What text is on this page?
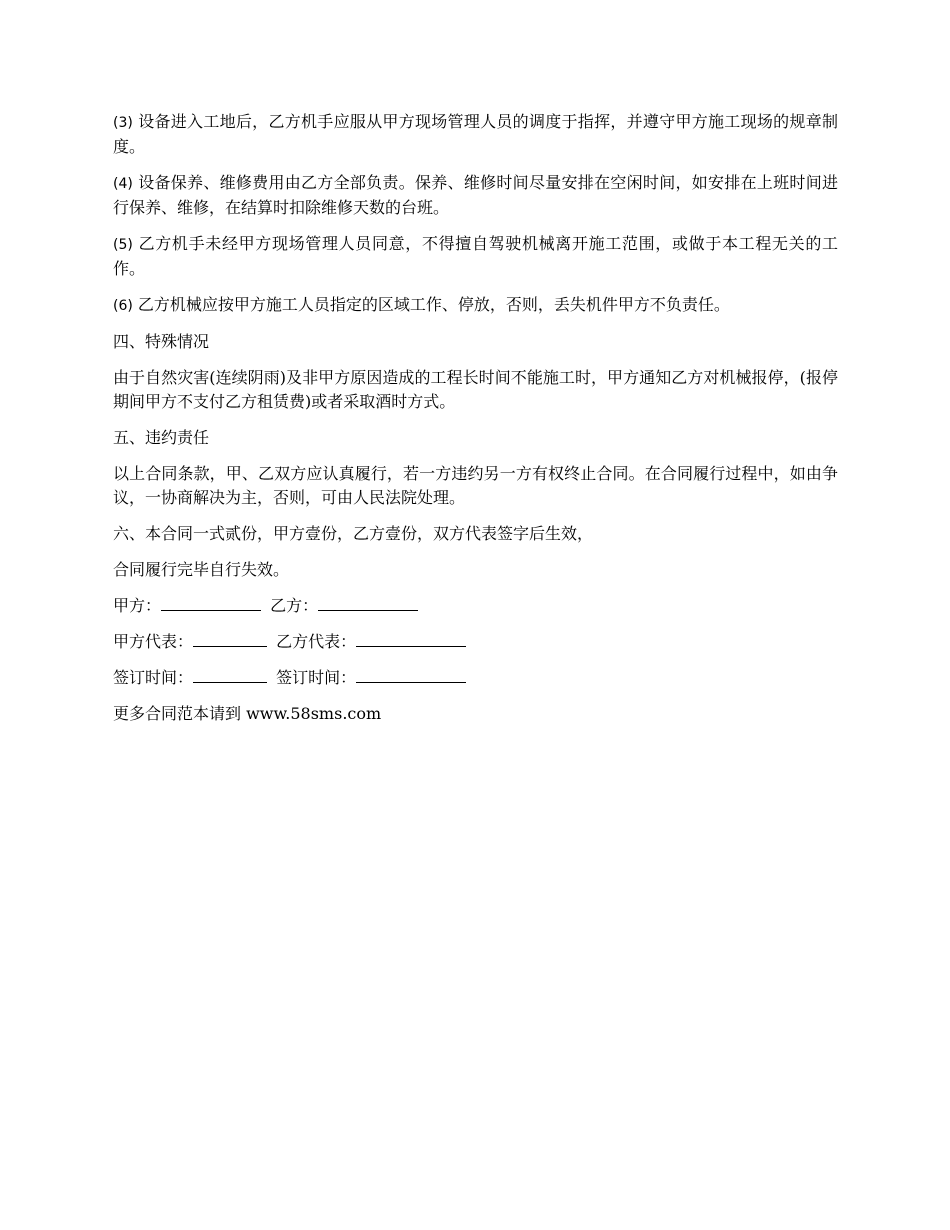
(3) 设备进入工地后，乙方机手应服从甲方现场管理人员的调度于指挥，并遵守甲方施工现场的规章制度。

(4) 设备保养、维修费用由乙方全部负责。保养、维修时间尽量安排在空闲时间，如安排在上班时间进行保养、维修，在结算时扣除维修天数的台班。

(5) 乙方机手未经甲方现场管理人员同意，不得擅自驾驶机械离开施工范围，或做于本工程无关的工作。

(6) 乙方机械应按甲方施工人员指定的区域工作、停放，否则，丢失机件甲方不负责任。

四、特殊情况

由于自然灾害(连续阴雨)及非甲方原因造成的工程长时间不能施工时，甲方通知乙方对机械报停，(报停期间甲方不支付乙方租赁费)或者采取酒时方式。

五、违约责任

以上合同条款，甲、乙双方应认真履行，若一方违约另一方有权终止合同。在合同履行过程中，如由争议，一协商解决为主，否则，可由人民法院处理。

六、本合同一式贰份，甲方壹份，乙方壹份，双方代表签字后生效，

合同履行完毕自行失效。

甲方：	乙方：

甲方代表：	乙方代表：

签订时间：	签订时间：

更多合同范本请到 www.58sms.com
